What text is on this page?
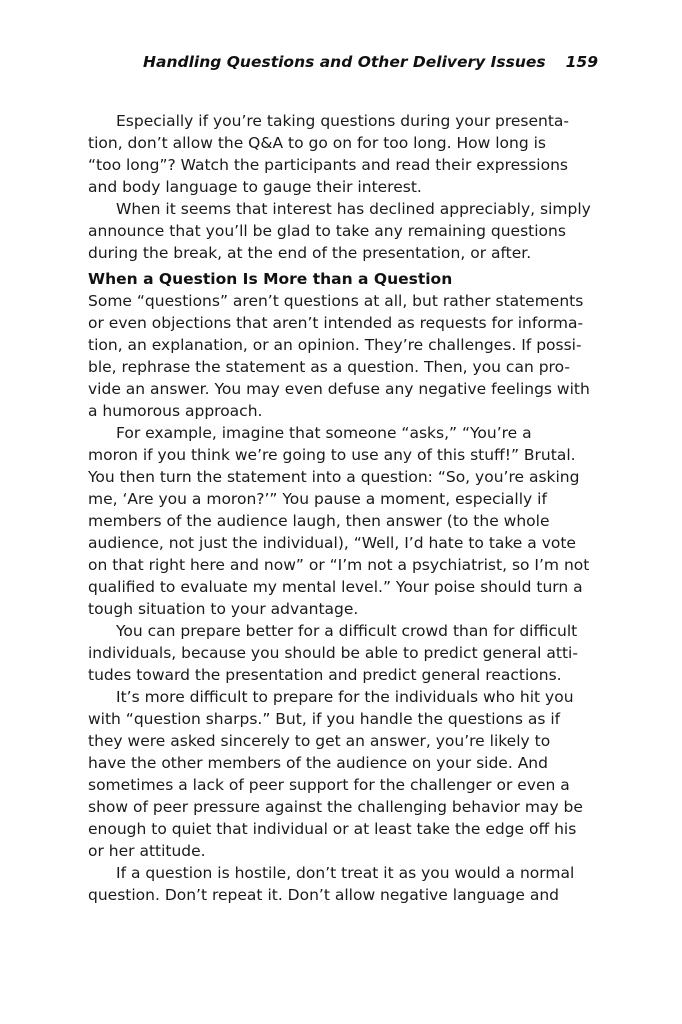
Handling Questions and Other Delivery Issues 159

Especially if you’re taking questions during your presenta-
tion, don’t allow the Q&A to go on for too long. How long is
“too long”? Watch the participants and read their expressions
and body language to gauge their interest.

When it seems that interest has declined appreciably, simply
announce that you’ll be glad to take any remaining questions
during the break, at the end of the presentation, or after.

When a Question Is More than a Question

Some “questions” aren’t questions at all, but rather statements
or even objections that aren’t intended as requests for informa-
tion, an explanation, or an opinion. They’re challenges. If possi-
ble, rephrase the statement as a question. Then, you can pro-
vide an answer. You may even defuse any negative feelings with
a humorous approach.

For example, imagine that someone “asks,” “You’re a
moron if you think we’re going to use any of this stuff!” Brutal.
You then turn the statement into a question: “So, you’re asking
me, ‘Are you a moron?’” You pause a moment, especially if
members of the audience laugh, then answer (to the whole
audience, not just the individual), “Well, I’d hate to take a vote
on that right here and now” or “I’m not a psychiatrist, so I’m not
qualified to evaluate my mental level.” Your poise should turn a
tough situation to your advantage.

You can prepare better for a difficult crowd than for difficult
individuals, because you should be able to predict general atti-
tudes toward the presentation and predict general reactions.

It’s more difficult to prepare for the individuals who hit you
with “question sharps.” But, if you handle the questions as if
they were asked sincerely to get an answer, you’re likely to
have the other members of the audience on your side. And
sometimes a lack of peer support for the challenger or even a
show of peer pressure against the challenging behavior may be
enough to quiet that individual or at least take the edge off his
or her attitude.

If a question is hostile, don’t treat it as you would a normal
question. Don’t repeat it. Don’t allow negative language and
